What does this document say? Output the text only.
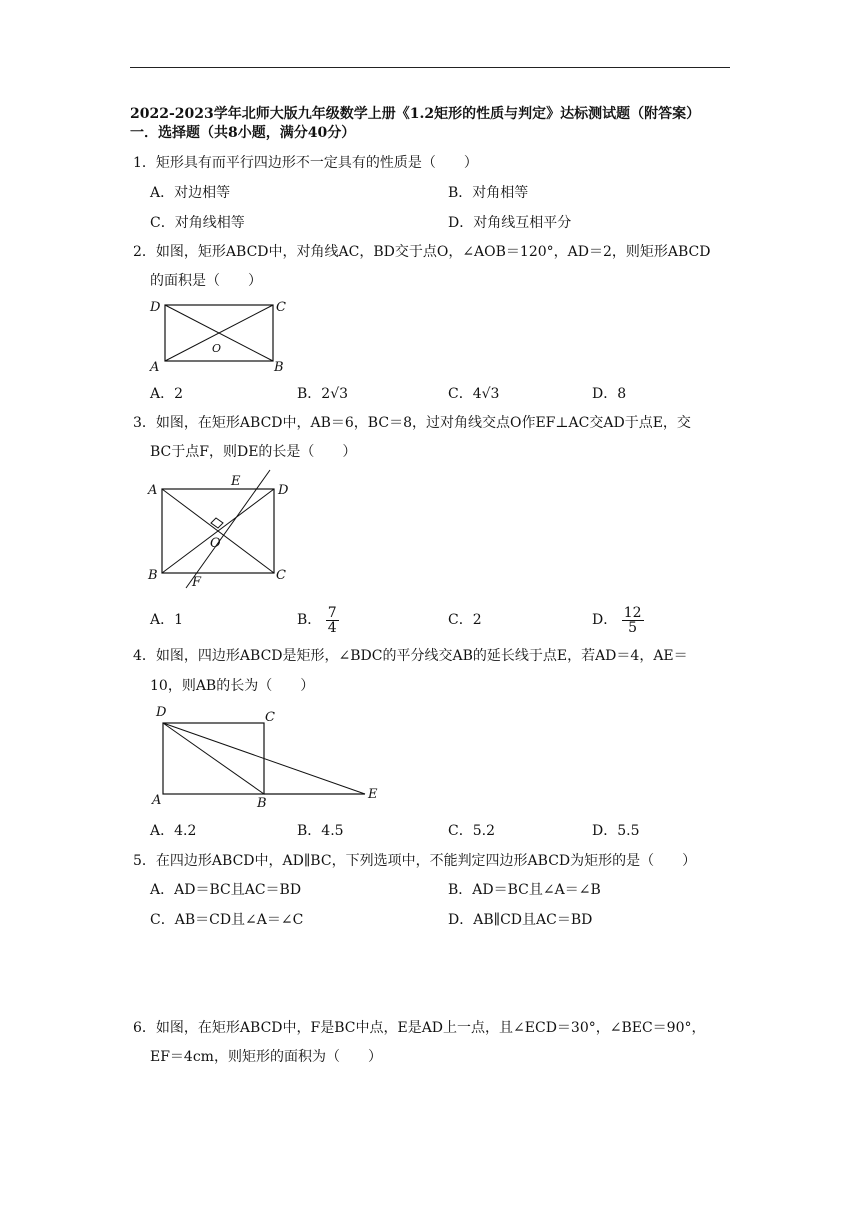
2022-2023学年北师大版九年级数学上册《1.2矩形的性质与判定》达标测试题（附答案）
一．选择题（共8小题，满分40分）
1．矩形具有而平行四边形不一定具有的性质是（　　）
A．对边相等	B．对角相等
C．对角线相等	D．对角线互相平分
2．如图，矩形ABCD中，对角线AC，BD交于点O，∠AOB＝120°，AD＝2，则矩形ABCD
的面积是（　　）
D	C
A	B
O
A．2	B．2√3	C．4√3	D．8
3．如图，在矩形ABCD中，AB＝6，BC＝8，过对角线交点O作EF⊥AC交AD于点E，交
BC于点F，则DE的长是（　　）
A
E
D
O
B	F	C
A．1	B． $\frac{7}{4}$	C．2	D． $\frac{12}{5}$
4．如图，四边形ABCD是矩形，∠BDC的平分线交AB的延长线于点E，若AD＝4，AE＝
10，则AB的长为（　　）
D	C
A	B
E
A．4.2	B．4.5	C．5.2	D．5.5
5．在四边形ABCD中，AD∥BC，下列选项中，不能判定四边形ABCD为矩形的是（　　）
A．AD＝BC且AC＝BD	B．AD＝BC且∠A＝∠B
C．AB＝CD且∠A＝∠C	D．AB∥CD且AC＝BD
6．如图，在矩形ABCD中，F是BC中点，E是AD上一点，且∠ECD＝30°，∠BEC＝90°，
EF＝4cm，则矩形的面积为（　　）
